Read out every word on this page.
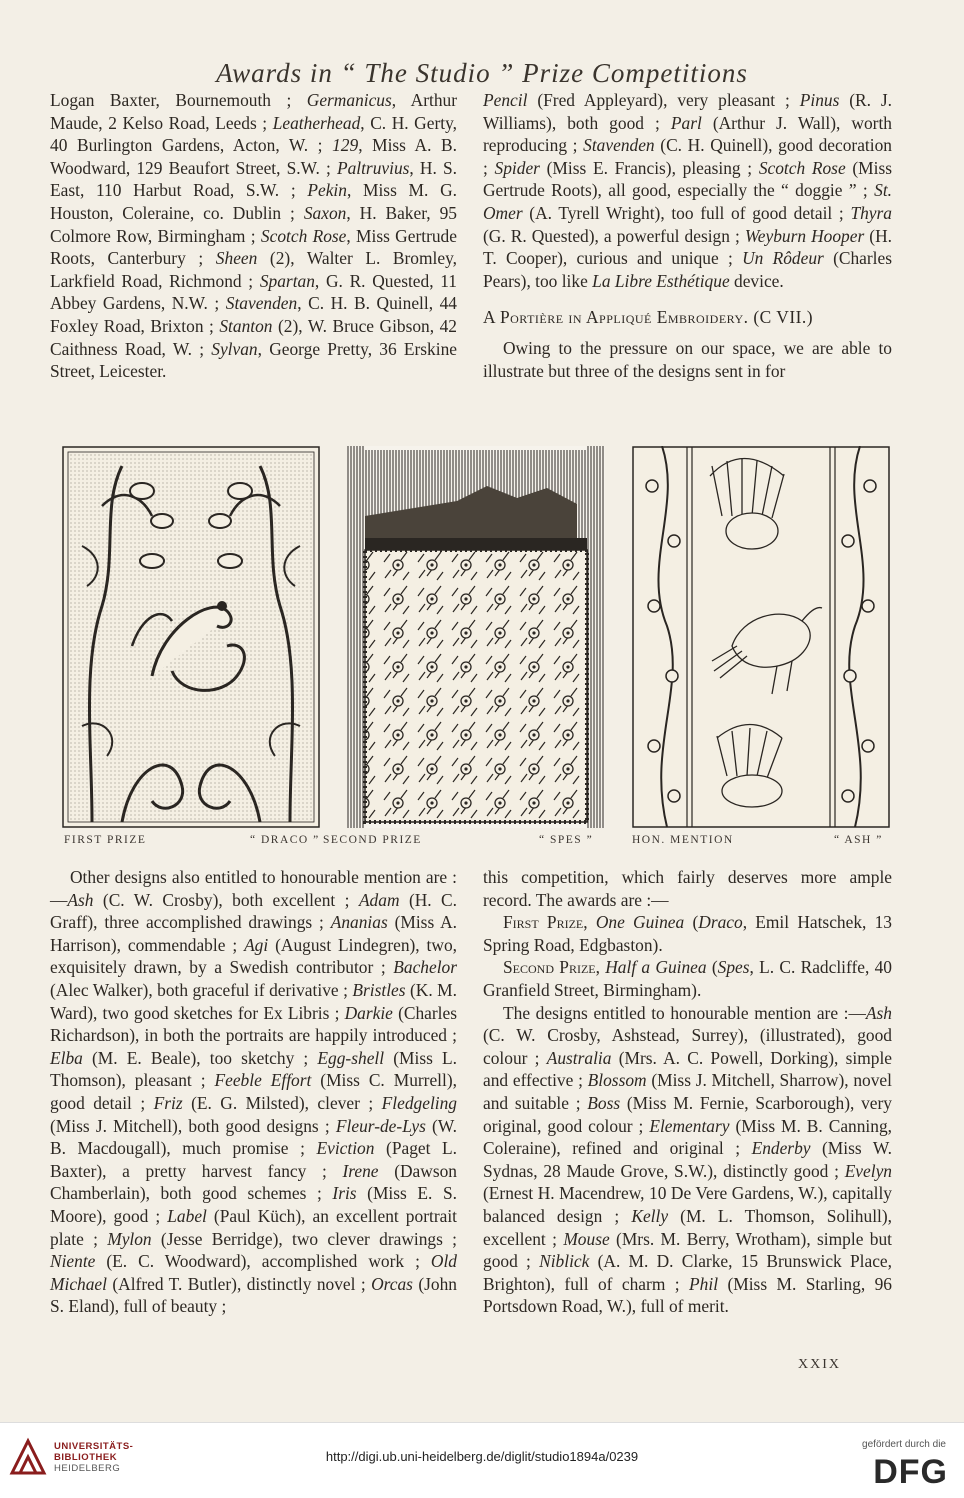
Awards in “ The Studio ” Prize Competitions

Logan Baxter, Bournemouth ; Germanicus, Arthur Maude, 2 Kelso Road, Leeds ; Leatherhead, C. H. Gerty, 40 Burlington Gardens, Acton, W. ; 129, Miss A. B. Woodward, 129 Beaufort Street, S.W. ; Paltruvius, H. S. East, 110 Harbut Road, S.W. ; Pekin, Miss M. G. Houston, Coleraine, co. Dublin ; Saxon, H. Baker, 95 Colmore Row, Birmingham ; Scotch Rose, Miss Gertrude Roots, Canterbury ; Sheen (2), Walter L. Bromley, Larkfield Road, Richmond ; Spartan, G. R. Quested, 11 Abbey Gardens, N.W. ; Stavenden, C. H. B. Quinell, 44 Foxley Road, Brixton ; Stanton (2), W. Bruce Gibson, 42 Caithness Road, W. ; Sylvan, George Pretty, 36 Erskine Street, Leicester.

Pencil (Fred Appleyard), very pleasant ; Pinus (R. J. Williams), both good ; Parl (Arthur J. Wall), worth reproducing ; Stavenden (C. H. Quinell), good decoration ; Spider (Miss E. Francis), pleasing ; Scotch Rose (Miss Gertrude Roots), all good, especially the “ doggie ” ; St. Omer (A. Tyrell Wright), too full of good detail ; Thyra (G. R. Quested), a powerful design ; Weyburn Hooper (H. T. Cooper), curious and unique ; Un Rôdeur (Charles Pears), too like La Libre Esthétique device.

A Portière in Appliqué Embroidery. (C VII.)

Owing to the pressure on our space, we are able to illustrate but three of the designs sent in for

FIRST PRIZE	“ DRACO ” SECOND PRIZE	“ SPES ”	HON. MENTION	“ ASH ”

Other designs also entitled to honourable mention are :—Ash (C. W. Crosby), both excellent ; Adam (H. C. Graff), three accomplished drawings ; Ananias (Miss A. Harrison), commendable ; Agi (August Lindegren), two, exquisitely drawn, by a Swedish contributor ; Bachelor (Alec Walker), both graceful if derivative ; Bristles (K. M. Ward), two good sketches for Ex Libris ; Darkie (Charles Richardson), in both the portraits are happily introduced ; Elba (M. E. Beale), too sketchy ; Egg-shell (Miss L. Thomson), pleasant ; Feeble Effort (Miss C. Murrell), good detail ; Friz (E. G. Milsted), clever ; Fledgeling (Miss J. Mitchell), both good designs ; Fleur-de-Lys (W. B. Macdougall), much promise ; Eviction (Paget L. Baxter), a pretty harvest fancy ; Irene (Dawson Chamberlain), both good schemes ; Iris (Miss E. S. Moore), good ; Label (Paul Küch), an excellent portrait plate ; Mylon (Jesse Berridge), two clever drawings ; Niente (E. C. Woodward), accomplished work ; Old Michael (Alfred T. Butler), distinctly novel ; Orcas (John S. Eland), full of beauty ;

this competition, which fairly deserves more ample record. The awards are :—

First Prize, One Guinea (Draco, Emil Hatschek, 13 Spring Road, Edgbaston).

Second Prize, Half a Guinea (Spes, L. C. Radcliffe, 40 Granfield Street, Birmingham).

The designs entitled to honourable mention are :—Ash (C. W. Crosby, Ashstead, Surrey), (illustrated), good colour ; Australia (Mrs. A. C. Powell, Dorking), simple and effective ; Blossom (Miss J. Mitchell, Sharrow), novel and suitable ; Boss (Miss M. Fernie, Scarborough), very original, good colour ; Elementary (Miss M. B. Canning, Coleraine), refined and original ; Enderby (Miss W. Sydnas, 28 Maude Grove, S.W.), distinctly good ; Evelyn (Ernest H. Macendrew, 10 De Vere Gardens, W.), capitally balanced design ; Kelly (M. L. Thomson, Solihull), excellent ; Mouse (Mrs. M. Berry, Wrotham), simple but good ; Niblick (A. M. D. Clarke, 15 Brunswick Place, Brighton), full of charm ; Phil (Miss M. Starling, 96 Portsdown Road, W.), full of merit.

XXIX
UNIVERSITÄTS-
BIBLIOTHEK
HEIDELBERG
http://digi.ub.uni-heidelberg.de/diglit/studio1894a/0239
gefördert durch die
DFG
